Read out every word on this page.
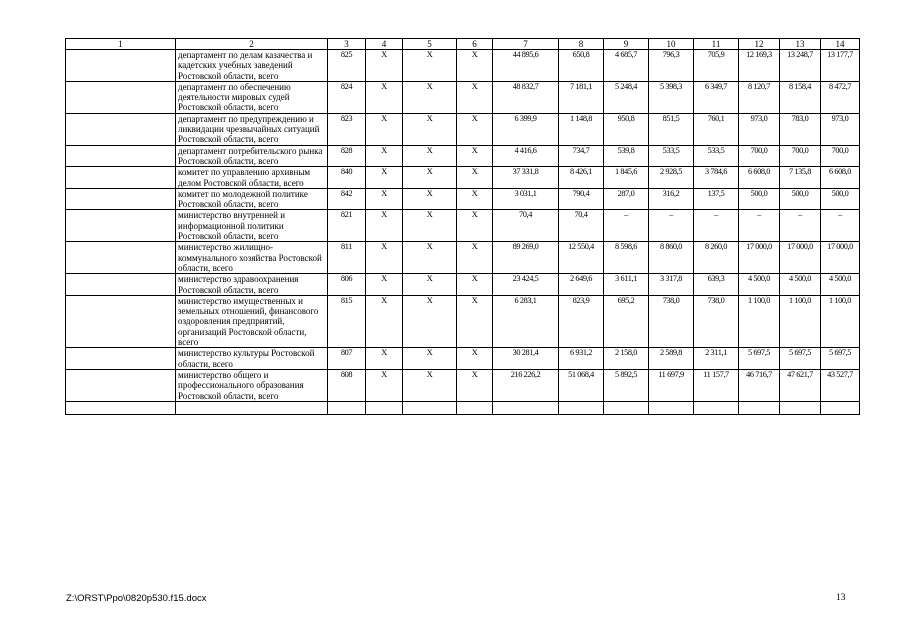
1	2	3	4	5	6	7	8	9	10	11	12	13	14
	департамент по делам казачества и кадетских учебных заведений Ростовской области, всего	825	Х	Х	Х	44 895,6	650,8	4 685,7	796,3	705,9	12 169,3	13 248,7	13 177,7
	департамент по обеспечению деятельности мировых судей Ростовской области, всего	824	Х	Х	Х	48 832,7	7 181,1	5 248,4	5 398,3	6 349,7	8 120,7	8 158,4	8 472,7
	департамент по предупреждению и ликвидации чрезвычайных ситуаций Ростовской области, всего	823	Х	Х	Х	6 399,9	1 148,8	950,8	851,5	760,1	973,0	783,0	973,0
	департамент потребительского рынка Ростовской области, всего	828	Х	Х	Х	4 416,6	734,7	539,8	533,5	533,5	700,0	700,0	700,0
	комитет по управлению архивным делом Ростовской области, всего	840	Х	Х	Х	37 331,8	8 426,1	1 845,6	2 928,5	3 784,6	6 608,0	7 135,8	6 608,0
	комитет по молодежной политике Ростовской области, всего	842	Х	Х	Х	3 031,1	790,4	287,0	316,2	137,5	500,0	500,0	500,0
	министерство внутренней и информационной политики Ростовской области, всего	821	Х	Х	Х	70,4	70,4	–	–	–	–	–	–
	министерство жилищно-коммунального хозяйства Ростовской области, всего	811	Х	Х	Х	89 269,0	12 550,4	8 598,6	8 860,0	8 260,0	17 000,0	17 000,0	17 000,0
	министерство здравоохранения Ростовской области, всего	806	Х	Х	Х	23 424,5	2 649,6	3 611,1	3 317,8	639,3	4 500,0	4 500,0	4 500,0
	министерство имущественных и земельных отношений, финансового оздоровления предприятий, организаций Ростовской области, всего	815	Х	Х	Х	6 283,1	823,9	695,2	738,0	738,0	1 100,0	1 100,0	1 100,0
	министерство культуры Ростовской области, всего	807	Х	Х	Х	30 281,4	6 931,2	2 158,0	2 589,8	2 311,1	5 697,5	5 697,5	5 697,5
	министерство общего и профессионального образования Ростовской области, всего	808	Х	Х	Х	216 226,2	51 068,4	5 892,5	11 697,9	11 157,7	46 716,7	47 621,7	43 527,7

Z:\ORST\Ppo\0820p530.f15.docx	13
